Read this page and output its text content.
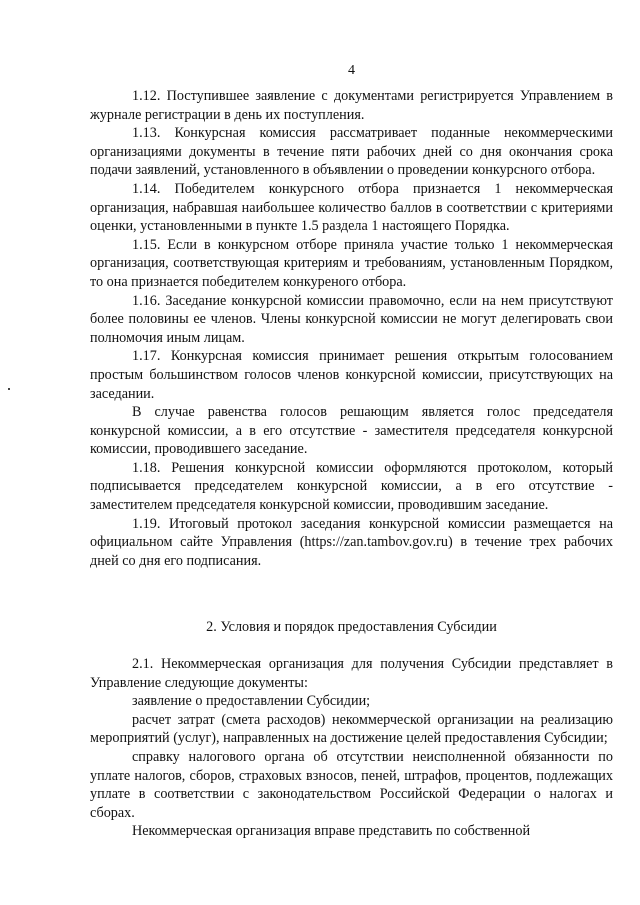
4

1.12. Поступившее заявление с документами регистрируется Управлением в журнале регистрации в день их поступления.

1.13. Конкурсная комиссия рассматривает поданные некоммерческими организациями документы в течение пяти рабочих дней со дня окончания срока подачи заявлений, установленного в объявлении о проведении конкурсного отбора.

1.14. Победителем конкурсного отбора признается 1 некоммерческая организация, набравшая наибольшее количество баллов в соответствии с критериями оценки, установленными в пункте 1.5 раздела 1 настоящего Порядка.

1.15. Если в конкурсном отборе приняла участие только 1 некоммерческая организация, соответствующая критериям и требованиям, установленным Порядком, то она признается победителем конкуреного отбора.

1.16. Заседание конкурсной комиссии правомочно, если на нем присутствуют более половины ее членов. Члены конкурсной комиссии не могут делегировать свои полномочия иным лицам.

1.17. Конкурсная комиссия принимает решения открытым голосованием простым большинством голосов членов конкурсной комиссии, присутствующих на заседании.

В случае равенства голосов решающим является голос председателя конкурсной комиссии, а в его отсутствие - заместителя председателя конкурсной комиссии, проводившего заседание.

1.18. Решения конкурсной комиссии оформляются протоколом, который подписывается председателем конкурсной комиссии, а в его отсутствие - заместителем председателя конкурсной комиссии, проводившим заседание.

1.19. Итоговый протокол заседания конкурсной комиссии размещается на официальном сайте Управления (https://zan.tambov.gov.ru) в течение трех рабочих дней со дня его подписания.

2. Условия и порядок предоставления Субсидии

2.1. Некоммерческая организация для получения Субсидии представляет в Управление следующие документы:

заявление о предоставлении Субсидии;

расчет затрат (смета расходов) некоммерческой организации на реализацию мероприятий (услуг), направленных на достижение целей предоставления Субсидии;

справку налогового органа об отсутствии неисполненной обязанности по уплате налогов, сборов, страховых взносов, пеней, штрафов, процентов, подлежащих уплате в соответствии с законодательством Российской Федерации о налогах и сборах.

Некоммерческая организация вправе представить по собственной
